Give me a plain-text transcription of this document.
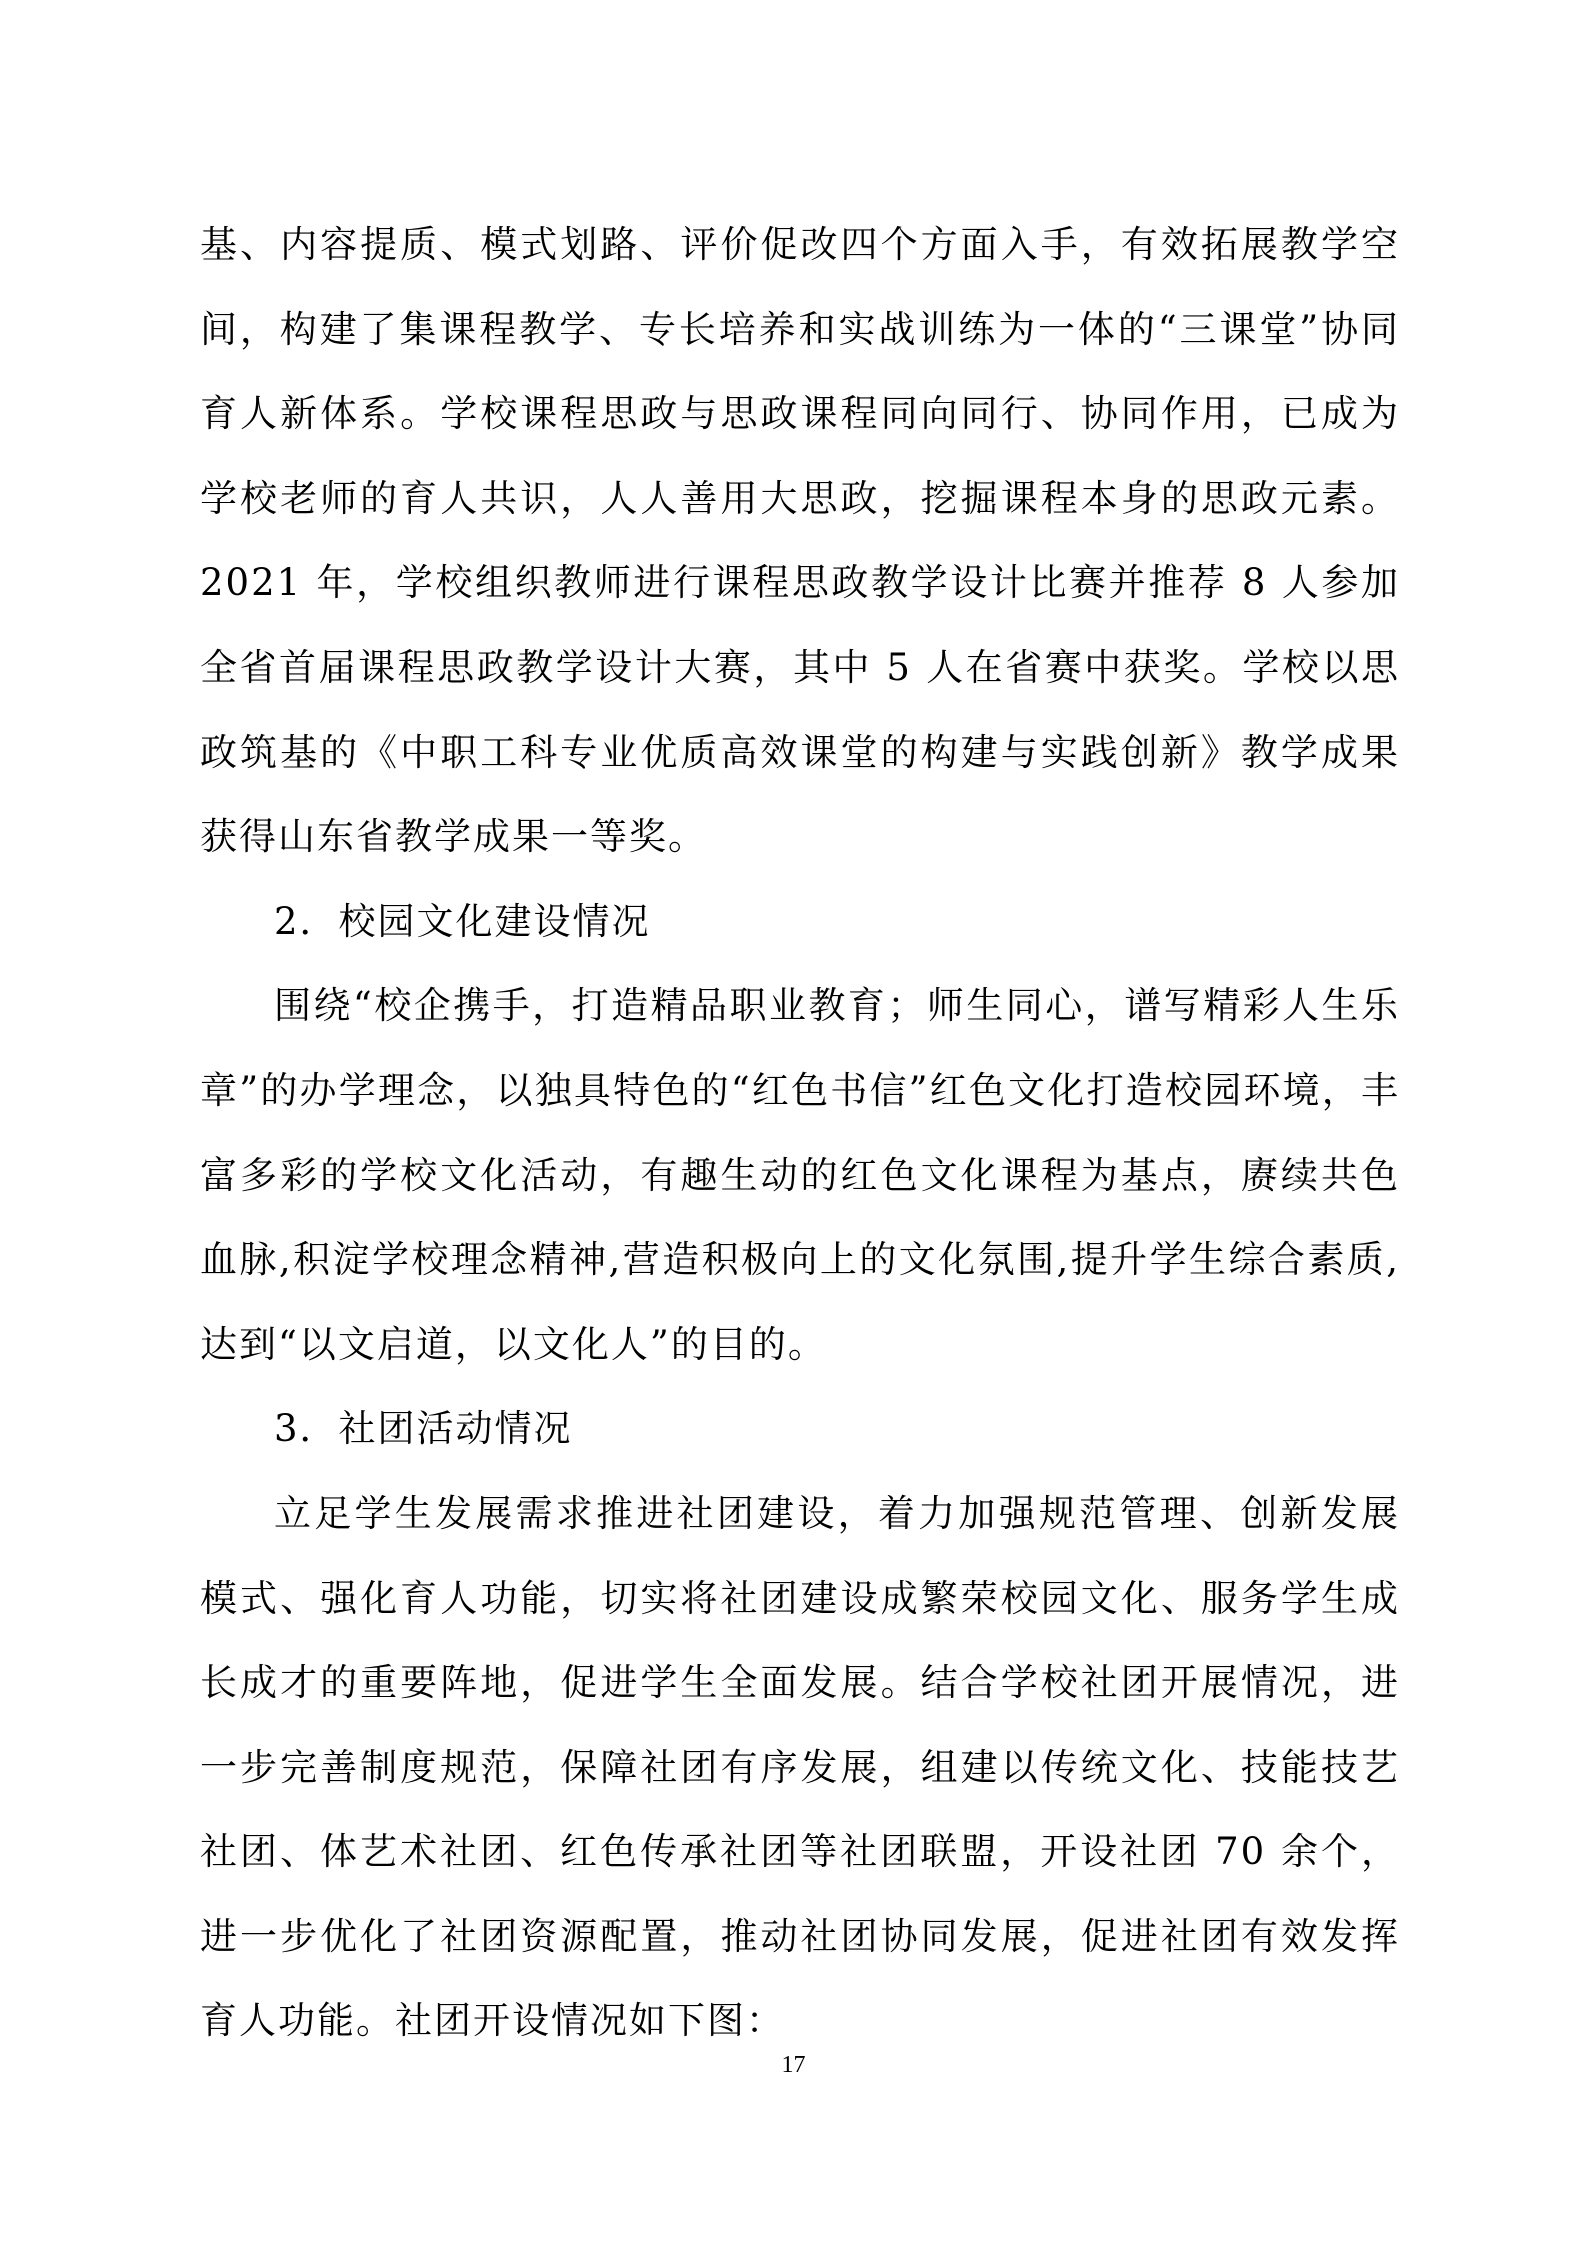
基、内容提质、模式划路、评价促改四个方面入手，有效拓展教学空间，构建了集课程教学、专长培养和实战训练为一体的“三课堂”协同育人新体系。学校课程思政与思政课程同向同行、协同作用，已成为学校老师的育人共识，人人善用大思政，挖掘课程本身的思政元素。2021 年，学校组织教师进行课程思政教学设计比赛并推荐 8 人参加全省首届课程思政教学设计大赛，其中 5 人在省赛中获奖。学校以思政筑基的《中职工科专业优质高效课堂的构建与实践创新》教学成果获得山东省教学成果一等奖。

2．校园文化建设情况

围绕“校企携手，打造精品职业教育；师生同心，谱写精彩人生乐章”的办学理念，以独具特色的“红色书信”红色文化打造校园环境，丰富多彩的学校文化活动，有趣生动的红色文化课程为基点，赓续共色血脉,积淀学校理念精神,营造积极向上的文化氛围,提升学生综合素质,达到“以文启道，以文化人”的目的。

3．社团活动情况

立足学生发展需求推进社团建设，着力加强规范管理、创新发展模式、强化育人功能，切实将社团建设成繁荣校园文化、服务学生成长成才的重要阵地，促进学生全面发展。结合学校社团开展情况，进一步完善制度规范，保障社团有序发展，组建以传统文化、技能技艺社团、体艺术社团、红色传承社团等社团联盟，开设社团 70 余个，进一步优化了社团资源配置，推动社团协同发展，促进社团有效发挥育人功能。社团开设情况如下图：

17
